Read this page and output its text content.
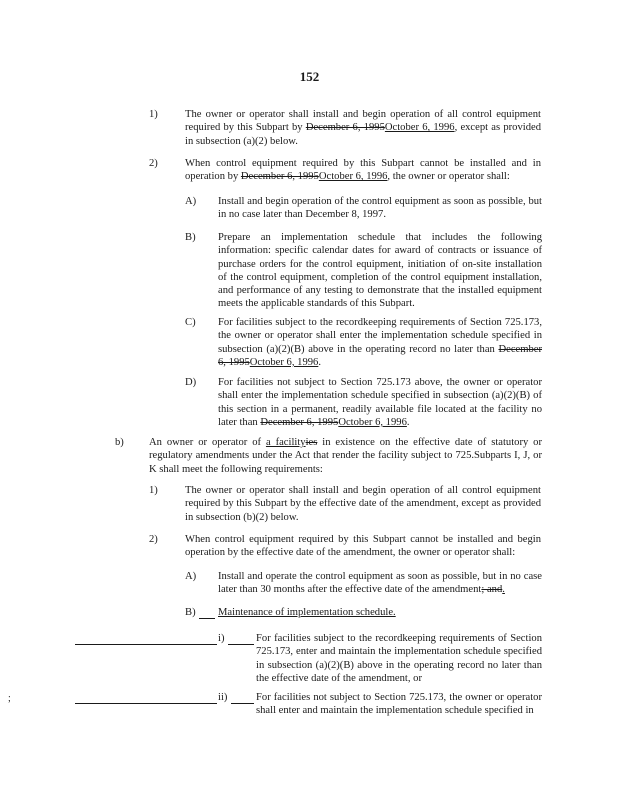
152
1)	The owner or operator shall install and begin operation of all control equipment required by this Subpart by December 6, 1995October 6, 1996, except as provided in subsection (a)(2) below.
2)	When control equipment required by this Subpart cannot be installed and in operation by December 6, 1995October 6, 1996, the owner or operator shall:
A) Install and begin operation of the control equipment as soon as possible, but in no case later than December 8, 1997.
B) Prepare an implementation schedule that includes the following information: specific calendar dates for award of contracts or issuance of purchase orders for the control equipment, initiation of on-site installation of the control equipment, completion of the control equipment installation, and performance of any testing to demonstrate that the installed equipment meets the applicable standards of this Subpart.
C) For facilities subject to the recordkeeping requirements of Section 725.173, the owner or operator shall enter the implementation schedule specified in subsection (a)(2)(B) above in the operating record no later than December 6, 1995October 6, 1996.
D) For facilities not subject to Section 725.173 above, the owner or operator shall enter the implementation schedule specified in subsection (a)(2)(B) of this section in a permanent, readily available file located at the facility no later than December 6, 1995October 6, 1996.
b) An owner or operator of a facilityies in existence on the effective date of statutory or regulatory amendments under the Act that render the facility subject to 725.Subparts I, J, or K shall meet the following requirements:
1)	The owner or operator shall install and begin operation of all control equipment required by this Subpart by the effective date of the amendment, except as provided in subsection (b)(2) below.
2)	When control equipment required by this Subpart cannot be installed and begin operation by the effective date of the amendment, the owner or operator shall:
A) Install and operate the control equipment as soon as possible, but in no case later than 30 months after the effective date of the amendment; and.
B) Maintenance of implementation schedule.
i)	For facilities subject to the recordkeeping requirements of Section 725.173, enter and maintain the implementation schedule specified in subsection (a)(2)(B) above in the operating record no later than the effective date of the amendment, or
;	ii)	For facilities not subject to Section 725.173, the owner or operator shall enter and maintain the implementation schedule specified in
